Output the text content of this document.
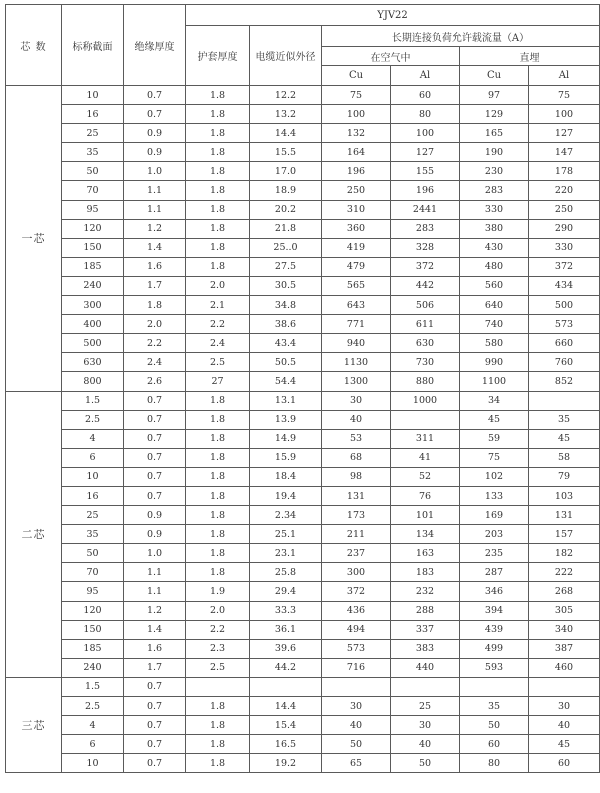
芯 数	标称截面	绝缘厚度	YJV22					
			护套厚度	电缆近似外径	长期连接负荷允许载流量（A）			
					在空气中		直埋	
					Cu	Al	Cu	Al
一芯	10	0.7	1.8	12.2	75	60	97	75
	16	0.7	1.8	13.2	100	80	129	100
	25	0.9	1.8	14.4	132	100	165	127
	35	0.9	1.8	15.5	164	127	190	147
	50	1.0	1.8	17.0	196	155	230	178
	70	1.1	1.8	18.9	250	196	283	220
	95	1.1	1.8	20.2	310	2441	330	250
	120	1.2	1.8	21.8	360	283	380	290
	150	1.4	1.8	25..0	419	328	430	330
	185	1.6	1.8	27.5	479	372	480	372
	240	1.7	2.0	30.5	565	442	560	434
	300	1.8	2.1	34.8	643	506	640	500
	400	2.0	2.2	38.6	771	611	740	573
	500	2.2	2.4	43.4	940	630	580	660
	630	2.4	2.5	50.5	1130	730	990	760
	800	2.6	27	54.4	1300	880	1100	852
二芯	1.5	0.7	1.8	13.1	30	1000	34	
	2.5	0.7	1.8	13.9	40		45	35
	4	0.7	1.8	14.9	53	311	59	45
	6	0.7	1.8	15.9	68	41	75	58
	10	0.7	1.8	18.4	98	52	102	79
	16	0.7	1.8	19.4	131	76	133	103
	25	0.9	1.8	2.34	173	101	169	131
	35	0.9	1.8	25.1	211	134	203	157
	50	1.0	1.8	23.1	237	163	235	182
	70	1.1	1.8	25.8	300	183	287	222
	95	1.1	1.9	29.4	372	232	346	268
	120	1.2	2.0	33.3	436	288	394	305
	150	1.4	2.2	36.1	494	337	439	340
	185	1.6	2.3	39.6	573	383	499	387
	240	1.7	2.5	44.2	716	440	593	460
三芯	1.5	0.7						
	2.5	0.7	1.8	14.4	30	25	35	30
	4	0.7	1.8	15.4	40	30	50	40
	6	0.7	1.8	16.5	50	40	60	45
	10	0.7	1.8	19.2	65	50	80	60
